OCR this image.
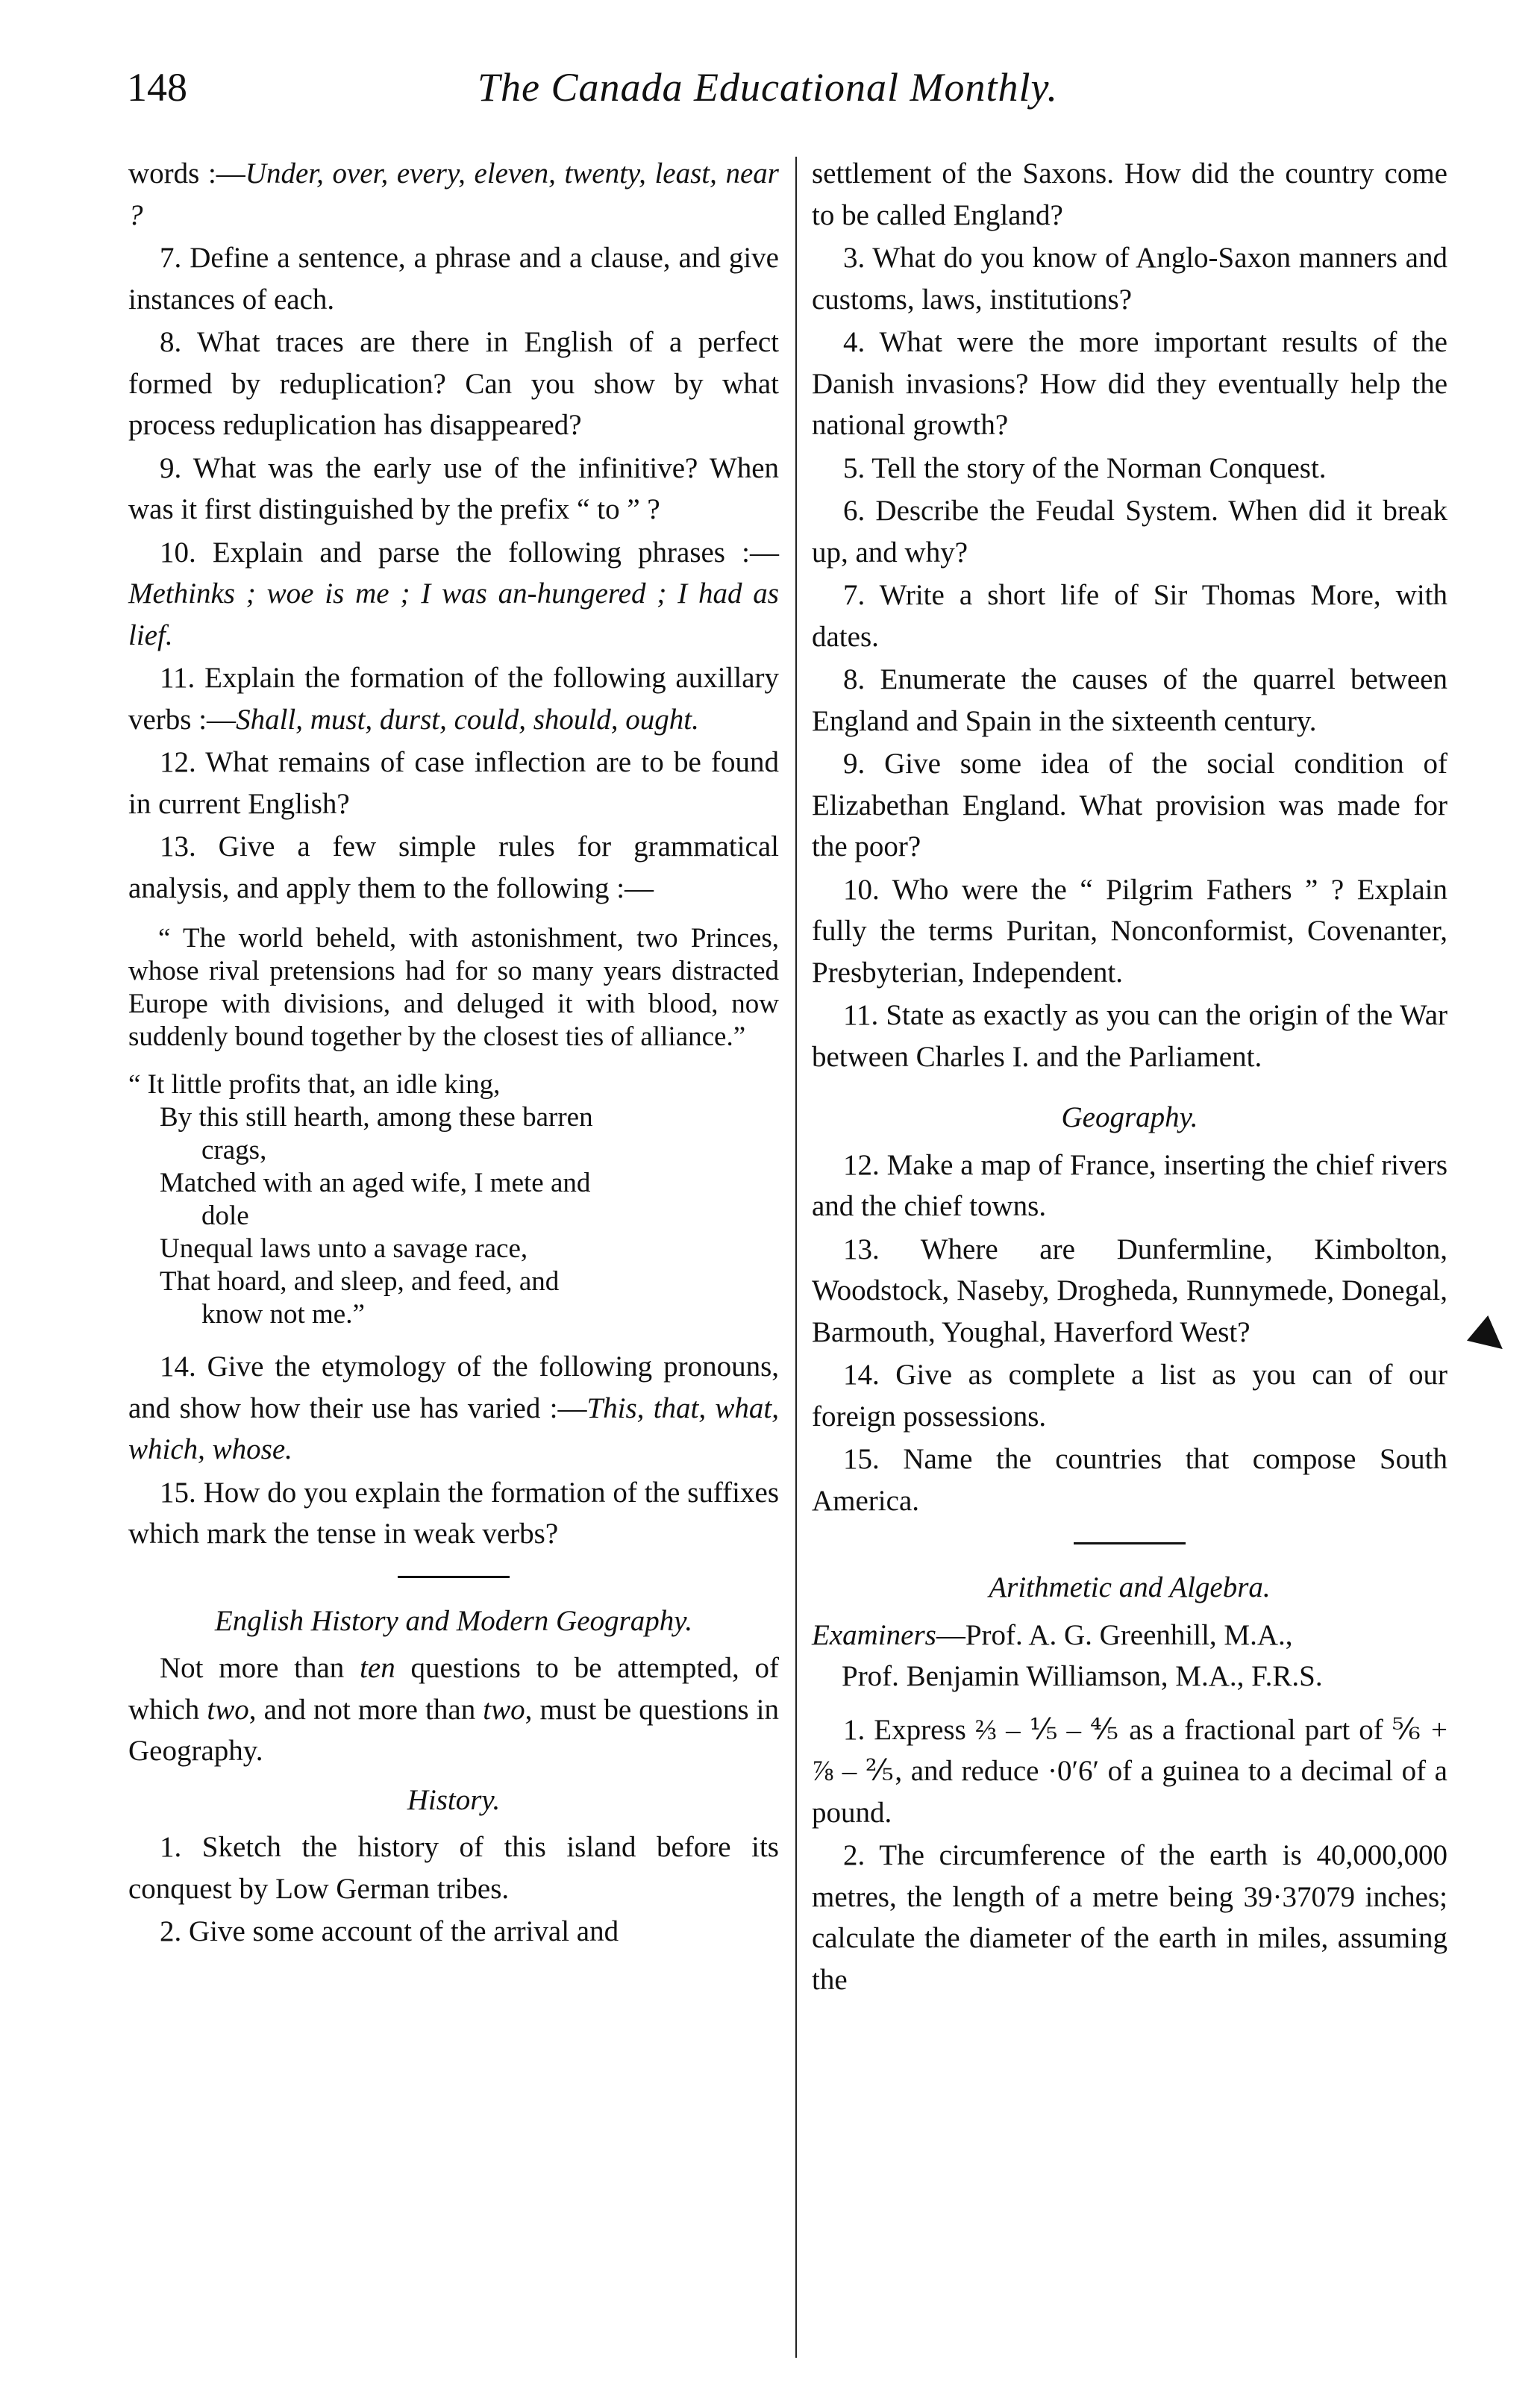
148	The Canada Educational Monthly.

words :—Under, over, every, eleven, twenty, least, near ?

7. Define a sentence, a phrase and a clause, and give instances of each.

8. What traces are there in English of a perfect formed by reduplication? Can you show by what process reduplication has disappeared?

9. What was the early use of the infinitive? When was it first distinguished by the prefix “ to ” ?

10. Explain and parse the following phrases :—Methinks ; woe is me ; I was an-hungered ; I had as lief.

11. Explain the formation of the following auxillary verbs :—Shall, must, durst, could, should, ought.

12. What remains of case inflection are to be found in current English?

13. Give a few simple rules for grammatical analysis, and apply them to the following :—

“ The world beheld, with astonishment, two Princes, whose rival pretensions had for so many years distracted Europe with divisions, and deluged it with blood, now suddenly bound together by the closest ties of alliance.”

“ It little profits that, an idle king,
By this still hearth, among these barren
crags,
Matched with an aged wife, I mete and
dole
Unequal laws unto a savage race,
That hoard, and sleep, and feed, and
know not me.”

14. Give the etymology of the following pronouns, and show how their use has varied :—This, that, what, which, whose.

15. How do you explain the formation of the suffixes which mark the tense in weak verbs?

English History and Modern Geography.

Not more than ten questions to be attempted, of which two, and not more than two, must be questions in Geography.

History.

1. Sketch the history of this island before its conquest by Low German tribes.

2. Give some account of the arrival and

settlement of the Saxons. How did the country come to be called England?

3. What do you know of Anglo-Saxon manners and customs, laws, institutions?

4. What were the more important results of the Danish invasions? How did they eventually help the national growth?

5. Tell the story of the Norman Conquest.

6. Describe the Feudal System. When did it break up, and why?

7. Write a short life of Sir Thomas More, with dates.

8. Enumerate the causes of the quarrel between England and Spain in the sixteenth century.

9. Give some idea of the social condition of Elizabethan England. What provision was made for the poor?

10. Who were the “ Pilgrim Fathers ” ? Explain fully the terms Puritan, Nonconformist, Covenanter, Presbyterian, Independent.

11. State as exactly as you can the origin of the War between Charles I. and the Parliament.

Geography.

12. Make a map of France, inserting the chief rivers and the chief towns.

13. Where are Dunfermline, Kimbolton, Woodstock, Naseby, Drogheda, Runnymede, Donegal, Barmouth, Youghal, Haverford West?

14. Give as complete a list as you can of our foreign possessions.

15. Name the countries that compose South America.

Arithmetic and Algebra.

Examiners—Prof. A. G. Greenhill, M.A.,
Prof. Benjamin Williamson, M.A., F.R.S.

1. Express ⅔ – ⅕ – ⅘ as a fractional part of ⅚ + ⅞ – ⅖, and reduce ·0′6′ of a guinea to a decimal of a pound.

2. The circumference of the earth is 40,000,000 metres, the length of a metre being 39·37079 inches; calculate the diameter of the earth in miles, assuming the
